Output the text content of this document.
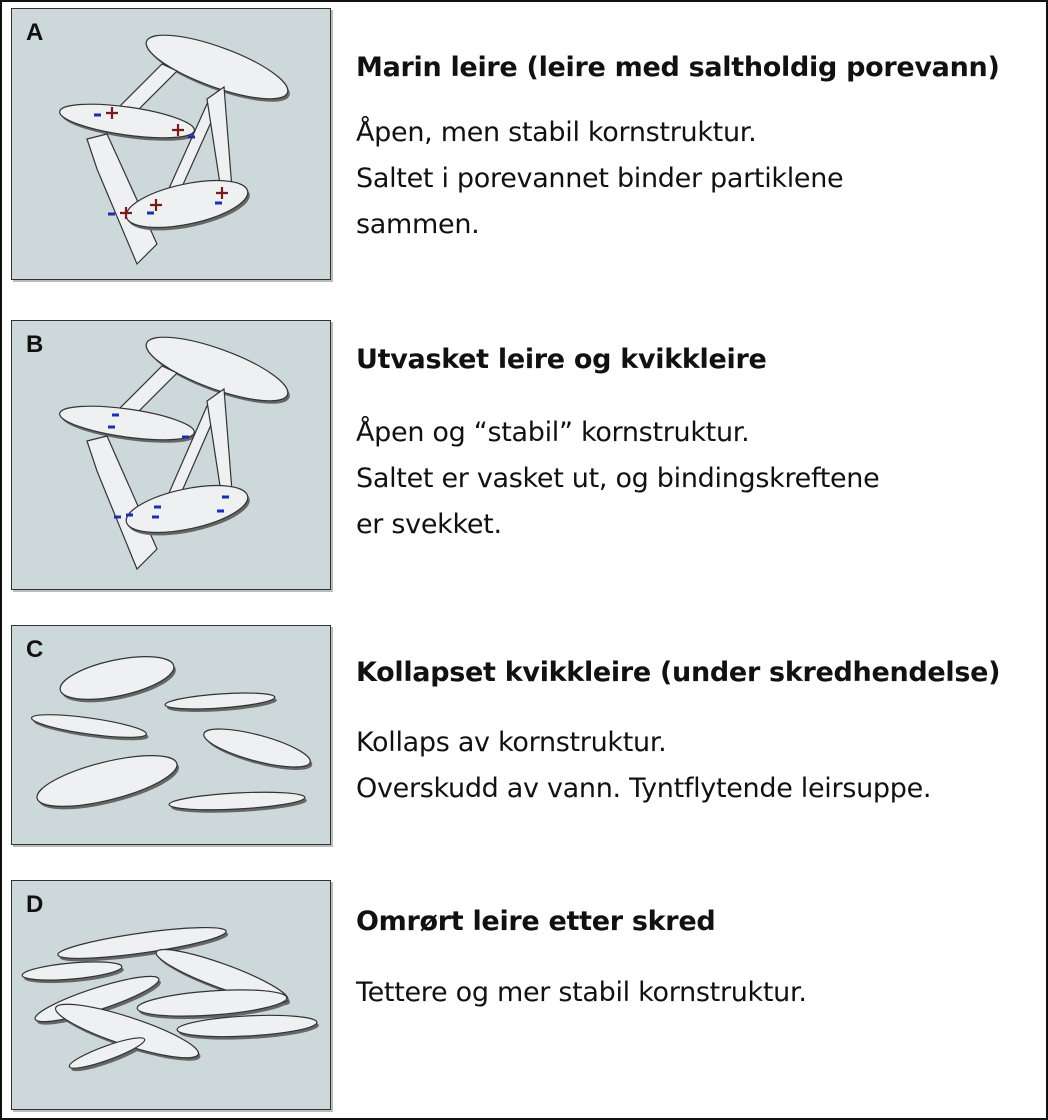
A
Marin leire (leire med saltholdig porevann)
Åpen, men stabil kornstruktur.
Saltet i porevannet binder partiklene
sammen.
B	Utvasket leire og kvikkleire
Åpen og “stabil” kornstruktur.
Saltet er vasket ut, og bindingskreftene
er svekket.
C
Kollapset kvikkleire (under skredhendelse)
Kollaps av kornstruktur.
Overskudd av vann. Tyntflytende leirsuppe.
D
Omrørt leire etter skred
Tettere og mer stabil kornstruktur.
